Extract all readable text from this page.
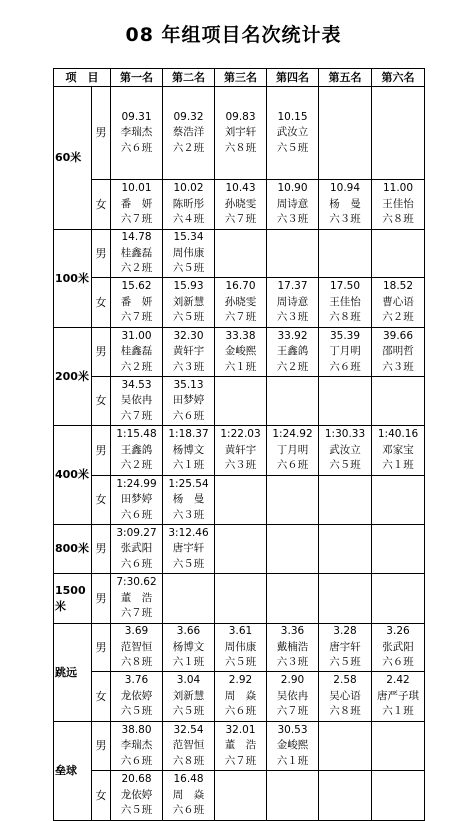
08 年组项目名次统计表
项　目		第一名	第二名	第三名	第四名	第五名	第六名
60米	男	09.31
李瑞杰
六６班	09.32
蔡浩洋
六２班	09.83
刘宇轩
六８班	10.15
武汝立
六５班		

	女	10.01
番　妍
六７班	10.02
陈昕彤
六４班	10.43
孙晓雯
六７班	10.90
周诗意
六３班	10.94
杨　曼
六３班	11.00
王佳怡
六８班

100米	男	14.78
桂鑫磊
六２班	15.34
周伟康
六５班				

	女	15.62
番　妍
六７班	15.93
刘新慧
六５班	16.70
孙晓雯
六７班	17.37
周诗意
六３班	17.50
王佳怡
六８班	18.52
曹心语
六２班

200米	男	31.00
桂鑫磊
六２班	32.30
黄轩宇
六３班	33.38
金峻熙
六１班	33.92
王鑫鸽
六２班	35.39
丁月明
六６班	39.66
邵明哲
六３班

	女	34.53
吴依冉
六７班	35.13
田梦婷
六６班				

400米	男	1:15.48
王鑫鸽
六２班	1:18.37
杨博文
六１班	1:22.03
黄轩宇
六３班	1:24.92
丁月明
六６班	1:30.33
武汝立
六５班	1:40.16
邓家宝
六１班

	女	1:24.99
田梦婷
六６班	1:25.54
杨　曼
六３班				

800米	男	3:09.27
张武阳
六６班	3:12.46
唐宇轩
六５班				

1500米	男	7:30.62
董　浩
六７班					

跳远	男	3.69
范智恒
六８班	3.66
杨博文
六１班	3.61
周伟康
六５班	3.36
戴楠浩
六３班	3.28
唐宇轩
六５班	3.26
张武阳
六６班

	女	3.76
龙依婷
六５班	3.04
刘新慧
六５班	2.92
周　焱
六６班	2.90
吴依冉
六７班	2.58
吴心语
六８班	2.42
唐严子琪
六１班

垒球	男	38.80
李瑞杰
六６班	32.54
范智恒
六８班	32.01
董　浩
六７班	30.53
金峻熙
六１班		

	女	20.68
龙依婷
六５班	16.48
周　焱
六６班				
